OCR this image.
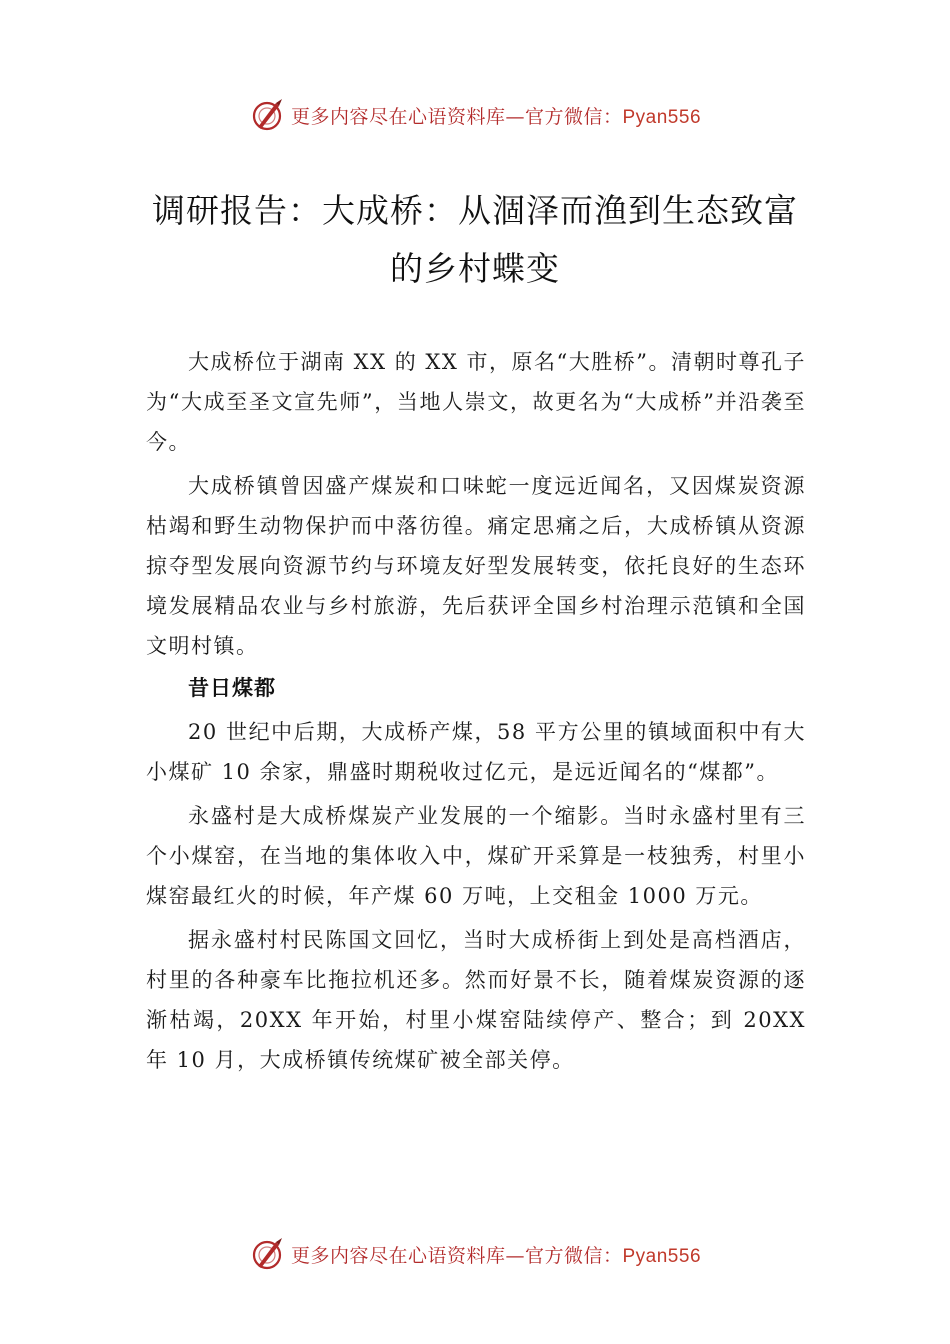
更多内容尽在心语资料库—官方微信：Pyan556
调研报告：大成桥：从涸泽而渔到生态致富的乡村蝶变

大成桥位于湖南 XX 的 XX 市，原名“大胜桥”。清朝时尊孔子为“大成至圣文宣先师”，当地人崇文，故更名为“大成桥”并沿袭至今。

大成桥镇曾因盛产煤炭和口味蛇一度远近闻名，又因煤炭资源枯竭和野生动物保护而中落彷徨。痛定思痛之后，大成桥镇从资源掠夺型发展向资源节约与环境友好型发展转变，依托良好的生态环境发展精品农业与乡村旅游，先后获评全国乡村治理示范镇和全国文明村镇。

昔日煤都

20 世纪中后期，大成桥产煤，58 平方公里的镇域面积中有大小煤矿 10 余家，鼎盛时期税收过亿元，是远近闻名的“煤都”。

永盛村是大成桥煤炭产业发展的一个缩影。当时永盛村里有三个小煤窑，在当地的集体收入中，煤矿开采算是一枝独秀，村里小煤窑最红火的时候，年产煤 60 万吨，上交租金 1000 万元。

据永盛村村民陈国文回忆，当时大成桥街上到处是高档酒店，村里的各种豪车比拖拉机还多。然而好景不长，随着煤炭资源的逐渐枯竭，20XX 年开始，村里小煤窑陆续停产、整合；到 20XX 年 10 月，大成桥镇传统煤矿被全部关停。

更多内容尽在心语资料库—官方微信：Pyan556
